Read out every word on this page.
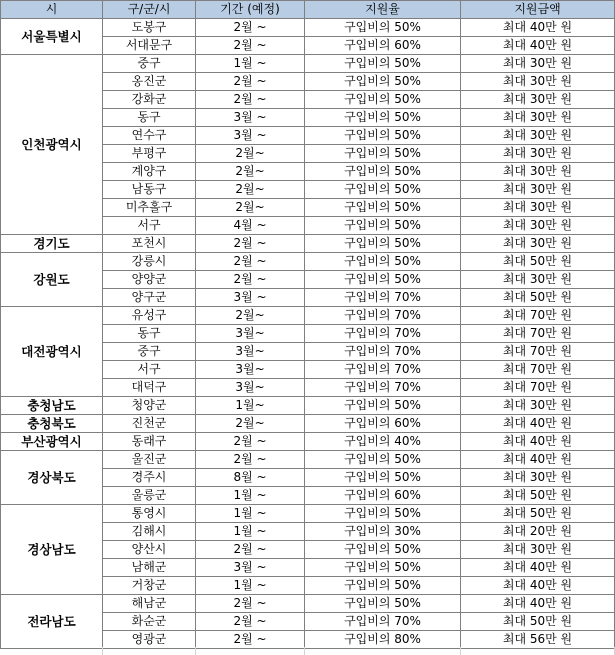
시	구/군/시	기간 (예정)	지원율	지원금액
서울특별시	도봉구	2월 ~	구입비의 50%	최대 40만 원
	서대문구	2월 ~	구입비의 60%	최대 40만 원
인천광역시	중구	1월 ~	구입비의 50%	최대 30만 원
	옹진군	2월 ~	구입비의 50%	최대 30만 원
	강화군	2월 ~	구입비의 50%	최대 30만 원
	동구	3월 ~	구입비의 50%	최대 30만 원
	연수구	3월 ~	구입비의 50%	최대 30만 원
	부평구	2월~	구입비의 50%	최대 30만 원
	계양구	2월~	구입비의 50%	최대 30만 원
	남동구	2월~	구입비의 50%	최대 30만 원
	미추홀구	2월~	구입비의 50%	최대 30만 원
	서구	4월 ~	구입비의 50%	최대 30만 원
경기도	포천시	2월 ~	구입비의 50%	최대 30만 원
강원도	강릉시	2월 ~	구입비의 50%	최대 50만 원
	양양군	2월 ~	구입비의 50%	최대 30만 원
	양구군	3월 ~	구입비의 70%	최대 50만 원
대전광역시	유성구	2월~	구입비의 70%	최대 70만 원
	동구	3월~	구입비의 70%	최대 70만 원
	중구	3월~	구입비의 70%	최대 70만 원
	서구	3월~	구입비의 70%	최대 70만 원
	대덕구	3월~	구입비의 70%	최대 70만 원
충청남도	청양군	1월~	구입비의 50%	최대 30만 원
충청북도	진천군	2월~	구입비의 60%	최대 40만 원
부산광역시	동래구	2월 ~	구입비의 40%	최대 40만 원
경상북도	울진군	2월 ~	구입비의 50%	최대 40만 원
	경주시	8월 ~	구입비의 50%	최대 30만 원
	울릉군	1월 ~	구입비의 60%	최대 50만 원
경상남도	통영시	1월 ~	구입비의 50%	최대 50만 원
	김해시	1월 ~	구입비의 30%	최대 20만 원
	양산시	2월 ~	구입비의 50%	최대 30만 원
	남해군	3월 ~	구입비의 50%	최대 40만 원
	거창군	1월 ~	구입비의 50%	최대 40만 원
전라남도	해남군	2월 ~	구입비의 50%	최대 40만 원
	화순군	2월 ~	구입비의 70%	최대 50만 원
	영광군	2월 ~	구입비의 80%	최대 56만 원
